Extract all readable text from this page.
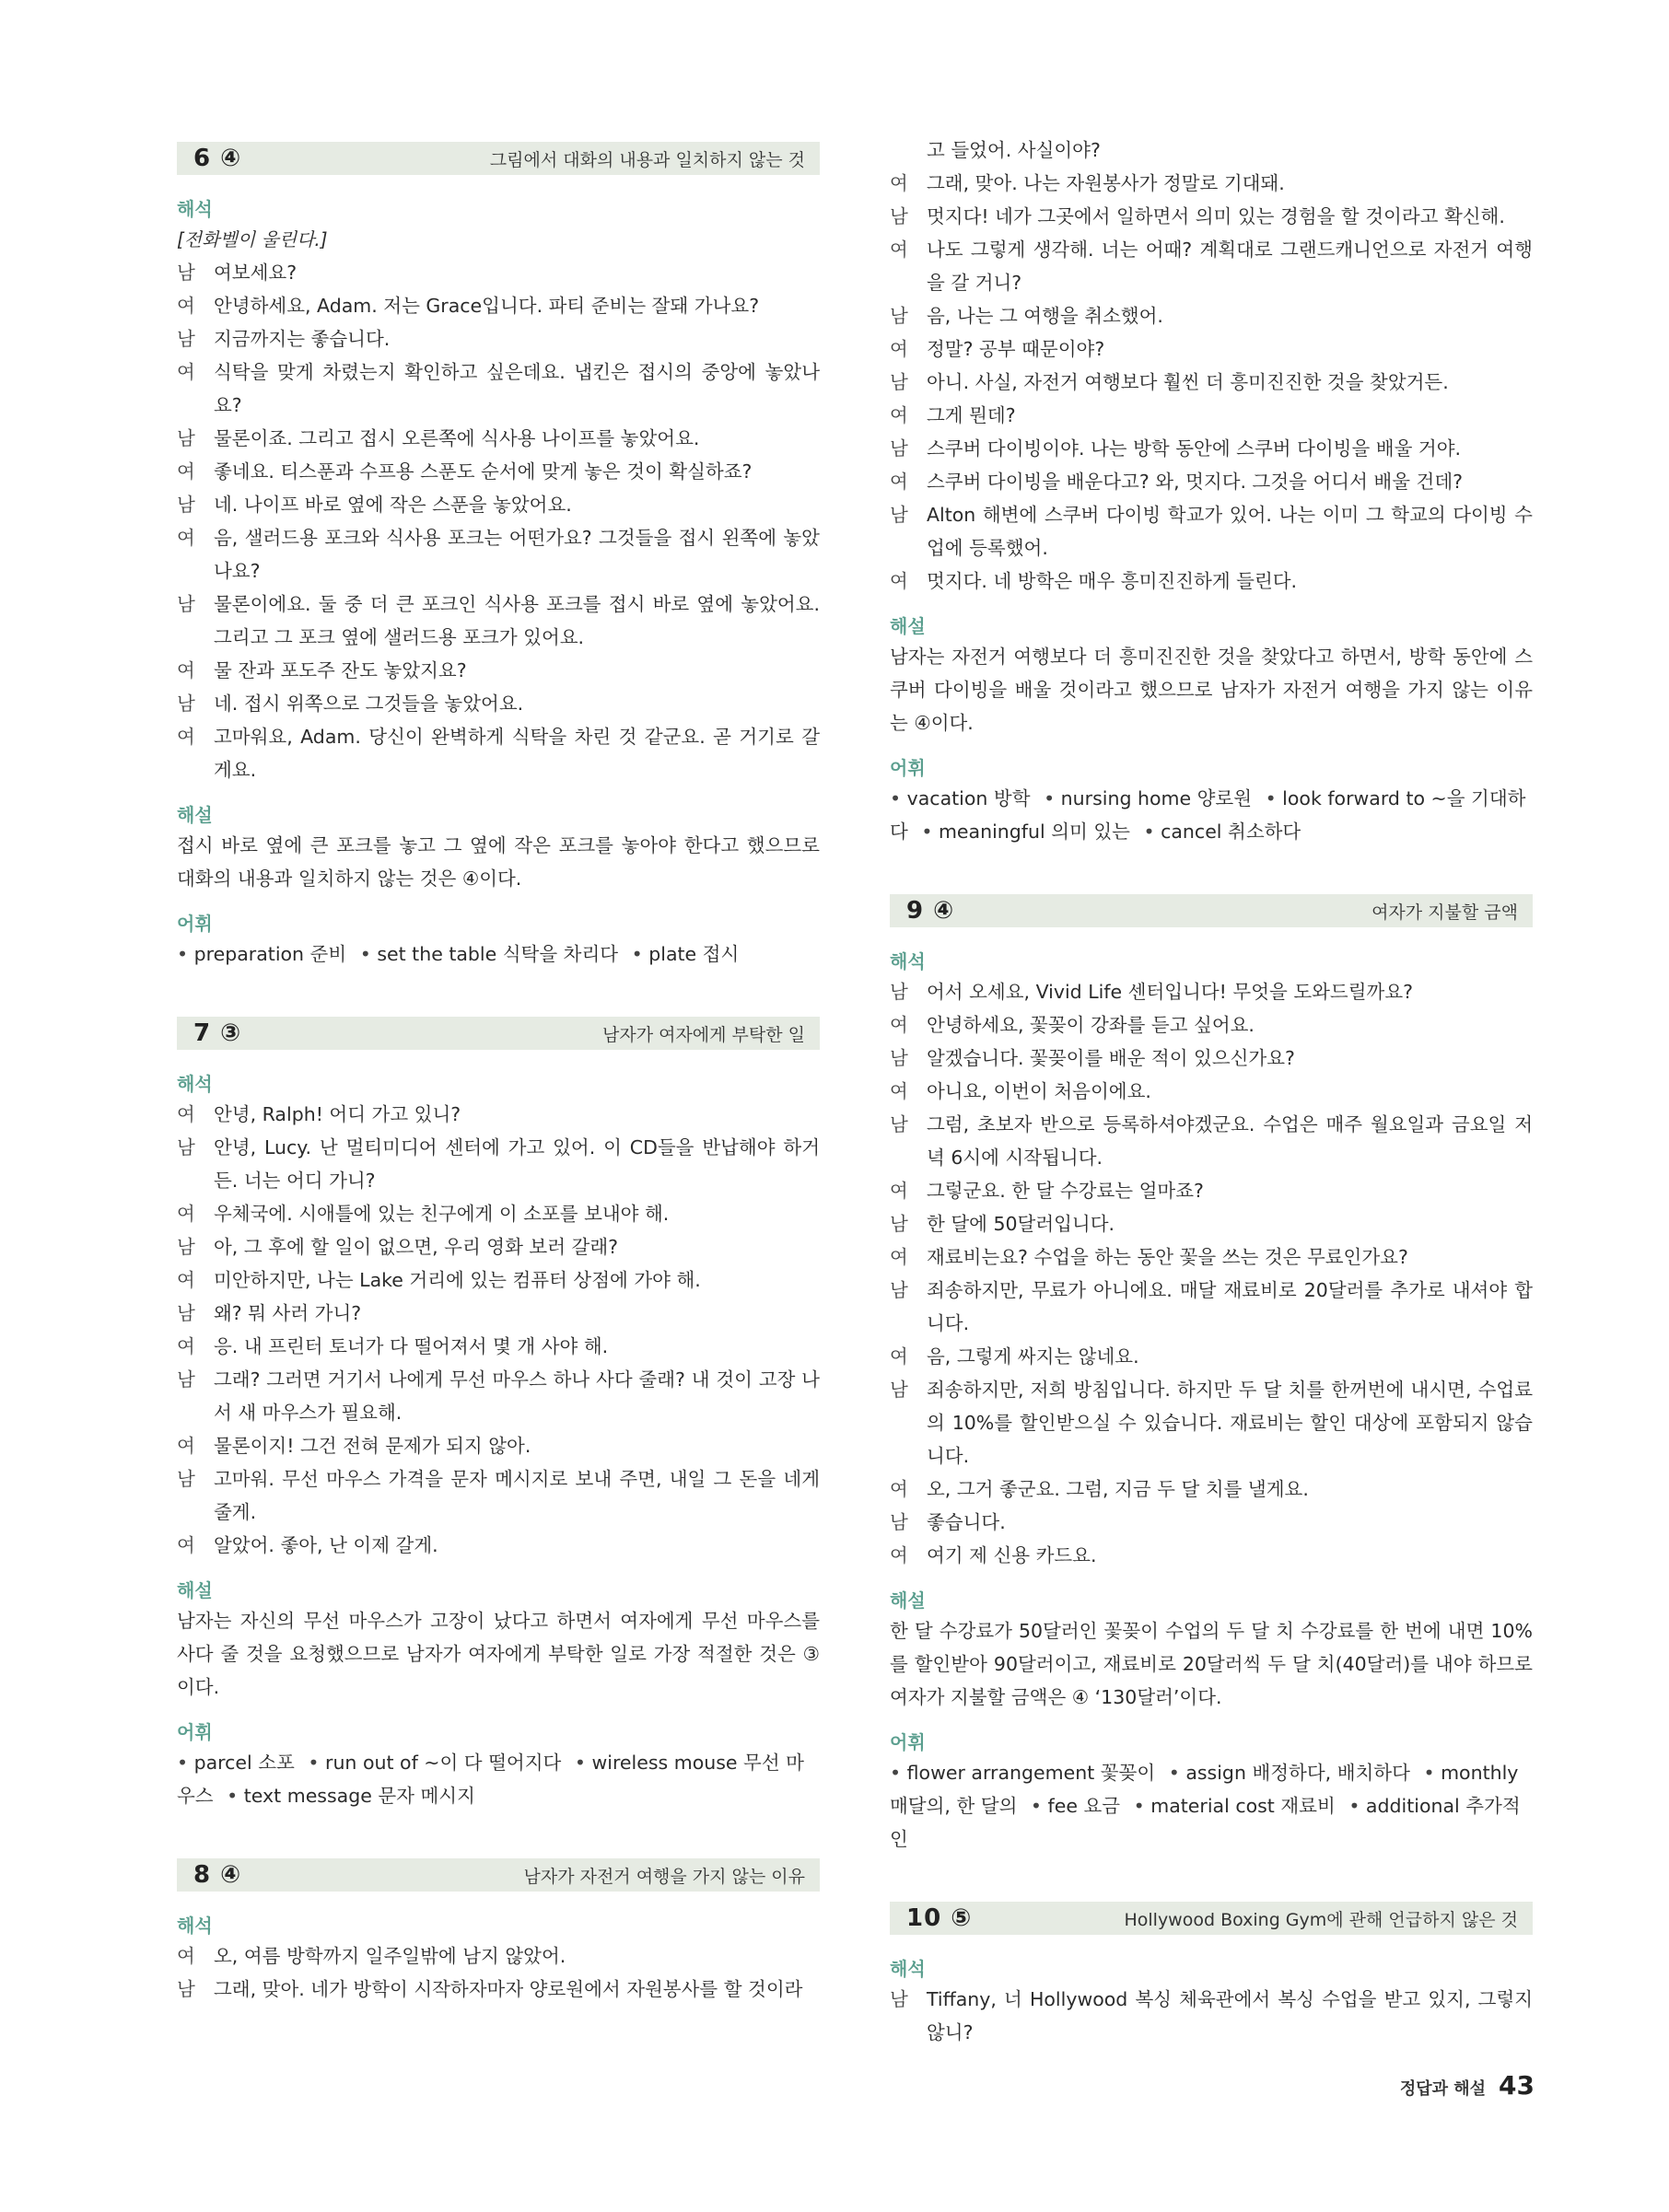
6 ④	그림에서 대화의 내용과 일치하지 않는 것
해석
[전화벨이 울린다.]
남 여보세요?
여 안녕하세요, Adam. 저는 Grace입니다. 파티 준비는 잘돼 가나요?
남 지금까지는 좋습니다.
여 식탁을 맞게 차렸는지 확인하고 싶은데요. 냅킨은 접시의 중앙에 놓았나요?
남 물론이죠. 그리고 접시 오른쪽에 식사용 나이프를 놓았어요.
여 좋네요. 티스푼과 수프용 스푼도 순서에 맞게 놓은 것이 확실하죠?
남 네. 나이프 바로 옆에 작은 스푼을 놓았어요.
여 음, 샐러드용 포크와 식사용 포크는 어떤가요? 그것들을 접시 왼쪽에 놓았나요?
남 물론이에요. 둘 중 더 큰 포크인 식사용 포크를 접시 바로 옆에 놓았어요. 그리고 그 포크 옆에 샐러드용 포크가 있어요.
여 물 잔과 포도주 잔도 놓았지요?
남 네. 접시 위쪽으로 그것들을 놓았어요.
여 고마워요, Adam. 당신이 완벽하게 식탁을 차린 것 같군요. 곧 거기로 갈게요.
해설
접시 바로 옆에 큰 포크를 놓고 그 옆에 작은 포크를 놓아야 한다고 했으므로 대화의 내용과 일치하지 않는 것은 ④이다.
어휘
• preparation 준비 • set the table 식탁을 차리다 • plate 접시
7 ③	남자가 여자에게 부탁한 일
해석
여 안녕, Ralph! 어디 가고 있니?
남 안녕, Lucy. 난 멀티미디어 센터에 가고 있어. 이 CD들을 반납해야 하거든. 너는 어디 가니?
여 우체국에. 시애틀에 있는 친구에게 이 소포를 보내야 해.
남 아, 그 후에 할 일이 없으면, 우리 영화 보러 갈래?
여 미안하지만, 나는 Lake 거리에 있는 컴퓨터 상점에 가야 해.
남 왜? 뭐 사러 가니?
여 응. 내 프린터 토너가 다 떨어져서 몇 개 사야 해.
남 그래? 그러면 거기서 나에게 무선 마우스 하나 사다 줄래? 내 것이 고장 나서 새 마우스가 필요해.
여 물론이지! 그건 전혀 문제가 되지 않아.
남 고마워. 무선 마우스 가격을 문자 메시지로 보내 주면, 내일 그 돈을 네게 줄게.
여 알았어. 좋아, 난 이제 갈게.
해설
남자는 자신의 무선 마우스가 고장이 났다고 하면서 여자에게 무선 마우스를 사다 줄 것을 요청했으므로 남자가 여자에게 부탁한 일로 가장 적절한 것은 ③이다.
어휘
• parcel 소포 • run out of ~이 다 떨어지다 • wireless mouse 무선 마우스 • text message 문자 메시지
8 ④	남자가 자전거 여행을 가지 않는 이유
해석
여 오, 여름 방학까지 일주일밖에 남지 않았어.
남 그래, 맞아. 네가 방학이 시작하자마자 양로원에서 자원봉사를 할 것이라
고 들었어. 사실이야?
여 그래, 맞아. 나는 자원봉사가 정말로 기대돼.
남 멋지다! 네가 그곳에서 일하면서 의미 있는 경험을 할 것이라고 확신해.
여 나도 그렇게 생각해. 너는 어때? 계획대로 그랜드캐니언으로 자전거 여행을 갈 거니?
남 음, 나는 그 여행을 취소했어.
여 정말? 공부 때문이야?
남 아니. 사실, 자전거 여행보다 훨씬 더 흥미진진한 것을 찾았거든.
여 그게 뭔데?
남 스쿠버 다이빙이야. 나는 방학 동안에 스쿠버 다이빙을 배울 거야.
여 스쿠버 다이빙을 배운다고? 와, 멋지다. 그것을 어디서 배울 건데?
남 Alton 해변에 스쿠버 다이빙 학교가 있어. 나는 이미 그 학교의 다이빙 수업에 등록했어.
여 멋지다. 네 방학은 매우 흥미진진하게 들린다.
해설
남자는 자전거 여행보다 더 흥미진진한 것을 찾았다고 하면서, 방학 동안에 스쿠버 다이빙을 배울 것이라고 했으므로 남자가 자전거 여행을 가지 않는 이유는 ④이다.
어휘
• vacation 방학 • nursing home 양로원 • look forward to ~을 기대하다 • meaningful 의미 있는 • cancel 취소하다
9 ④	여자가 지불할 금액
해석
남 어서 오세요, Vivid Life 센터입니다! 무엇을 도와드릴까요?
여 안녕하세요, 꽃꽂이 강좌를 듣고 싶어요.
남 알겠습니다. 꽃꽂이를 배운 적이 있으신가요?
여 아니요, 이번이 처음이에요.
남 그럼, 초보자 반으로 등록하셔야겠군요. 수업은 매주 월요일과 금요일 저녁 6시에 시작됩니다.
여 그렇군요. 한 달 수강료는 얼마죠?
남 한 달에 50달러입니다.
여 재료비는요? 수업을 하는 동안 꽃을 쓰는 것은 무료인가요?
남 죄송하지만, 무료가 아니에요. 매달 재료비로 20달러를 추가로 내셔야 합니다.
여 음, 그렇게 싸지는 않네요.
남 죄송하지만, 저희 방침입니다. 하지만 두 달 치를 한꺼번에 내시면, 수업료의 10%를 할인받으실 수 있습니다. 재료비는 할인 대상에 포함되지 않습니다.
여 오, 그거 좋군요. 그럼, 지금 두 달 치를 낼게요.
남 좋습니다.
여 여기 제 신용 카드요.
해설
한 달 수강료가 50달러인 꽃꽂이 수업의 두 달 치 수강료를 한 번에 내면 10%를 할인받아 90달러이고, 재료비로 20달러씩 두 달 치(40달러)를 내야 하므로 여자가 지불할 금액은 ④ ‘130달러’이다.
어휘
• flower arrangement 꽃꽂이 • assign 배정하다, 배치하다 • monthly 매달의, 한 달의 • fee 요금 • material cost 재료비 • additional 추가적인
10 ⑤	Hollywood Boxing Gym에 관해 언급하지 않은 것
해석
남 Tiffany, 너 Hollywood 복싱 체육관에서 복싱 수업을 받고 있지, 그렇지 않니?
정답과 해설 43
